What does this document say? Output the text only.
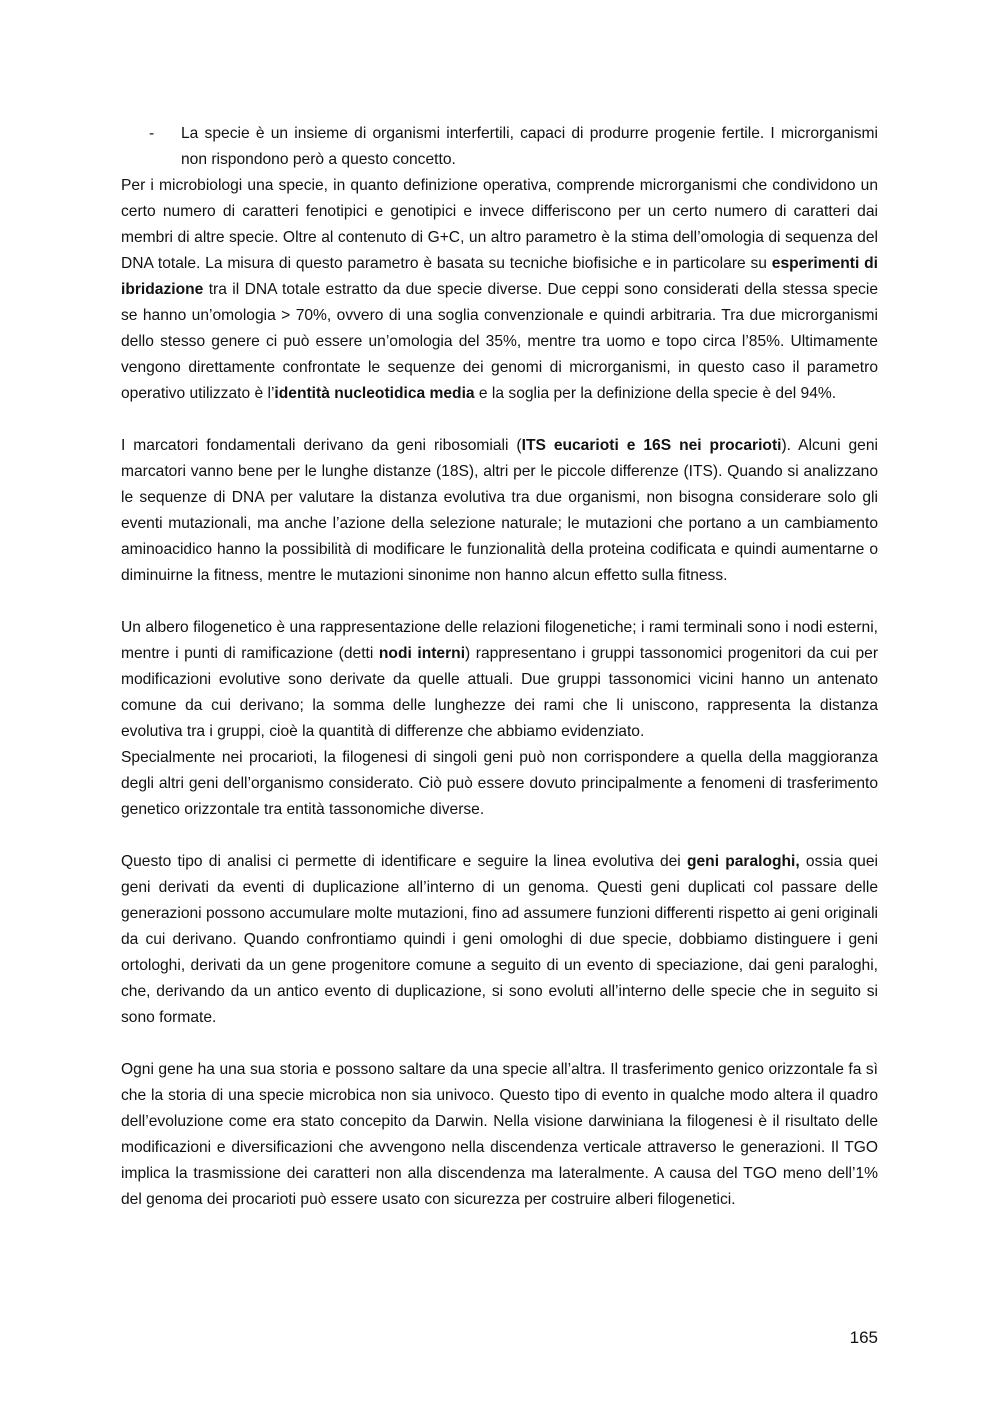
- La specie è un insieme di organismi interfertili, capaci di produrre progenie fertile. I microrganismi non rispondono però a questo concetto.

Per i microbiologi una specie, in quanto definizione operativa, comprende microrganismi che condividono un certo numero di caratteri fenotipici e genotipici e invece differiscono per un certo numero di caratteri dai membri di altre specie. Oltre al contenuto di G+C, un altro parametro è la stima dell’omologia di sequenza del DNA totale. La misura di questo parametro è basata su tecniche biofisiche e in particolare su esperimenti di ibridazione tra il DNA totale estratto da due specie diverse. Due ceppi sono considerati della stessa specie se hanno un’omologia > 70%, ovvero di una soglia convenzionale e quindi arbitraria. Tra due microrganismi dello stesso genere ci può essere un’omologia del 35%, mentre tra uomo e topo circa l’85%. Ultimamente vengono direttamente confrontate le sequenze dei genomi di microrganismi, in questo caso il parametro operativo utilizzato è l’identità nucleotidica media e la soglia per la definizione della specie è del 94%.

I marcatori fondamentali derivano da geni ribosomiali (ITS eucarioti e 16S nei procarioti). Alcuni geni marcatori vanno bene per le lunghe distanze (18S), altri per le piccole differenze (ITS). Quando si analizzano le sequenze di DNA per valutare la distanza evolutiva tra due organismi, non bisogna considerare solo gli eventi mutazionali, ma anche l’azione della selezione naturale; le mutazioni che portano a un cambiamento aminoacidico hanno la possibilità di modificare le funzionalità della proteina codificata e quindi aumentarne o diminuirne la fitness, mentre le mutazioni sinonime non hanno alcun effetto sulla fitness.

Un albero filogenetico è una rappresentazione delle relazioni filogenetiche; i rami terminali sono i nodi esterni, mentre i punti di ramificazione (detti nodi interni) rappresentano i gruppi tassonomici progenitori da cui per modificazioni evolutive sono derivate da quelle attuali. Due gruppi tassonomici vicini hanno un antenato comune da cui derivano; la somma delle lunghezze dei rami che li uniscono, rappresenta la distanza evolutiva tra i gruppi, cioè la quantità di differenze che abbiamo evidenziato.

Specialmente nei procarioti, la filogenesi di singoli geni può non corrispondere a quella della maggioranza degli altri geni dell’organismo considerato. Ciò può essere dovuto principalmente a fenomeni di trasferimento genetico orizzontale tra entità tassonomiche diverse.

Questo tipo di analisi ci permette di identificare e seguire la linea evolutiva dei geni paraloghi, ossia quei geni derivati da eventi di duplicazione all’interno di un genoma. Questi geni duplicati col passare delle generazioni possono accumulare molte mutazioni, fino ad assumere funzioni differenti rispetto ai geni originali da cui derivano. Quando confrontiamo quindi i geni omologhi di due specie, dobbiamo distinguere i geni ortologhi, derivati da un gene progenitore comune a seguito di un evento di speciazione, dai geni paraloghi, che, derivando da un antico evento di duplicazione, si sono evoluti all’interno delle specie che in seguito si sono formate.

Ogni gene ha una sua storia e possono saltare da una specie all’altra. Il trasferimento genico orizzontale fa sì che la storia di una specie microbica non sia univoco. Questo tipo di evento in qualche modo altera il quadro dell’evoluzione come era stato concepito da Darwin. Nella visione darwiniana la filogenesi è il risultato delle modificazioni e diversificazioni che avvengono nella discendenza verticale attraverso le generazioni. Il TGO implica la trasmissione dei caratteri non alla discendenza ma lateralmente. A causa del TGO meno dell’1% del genoma dei procarioti può essere usato con sicurezza per costruire alberi filogenetici.

165
